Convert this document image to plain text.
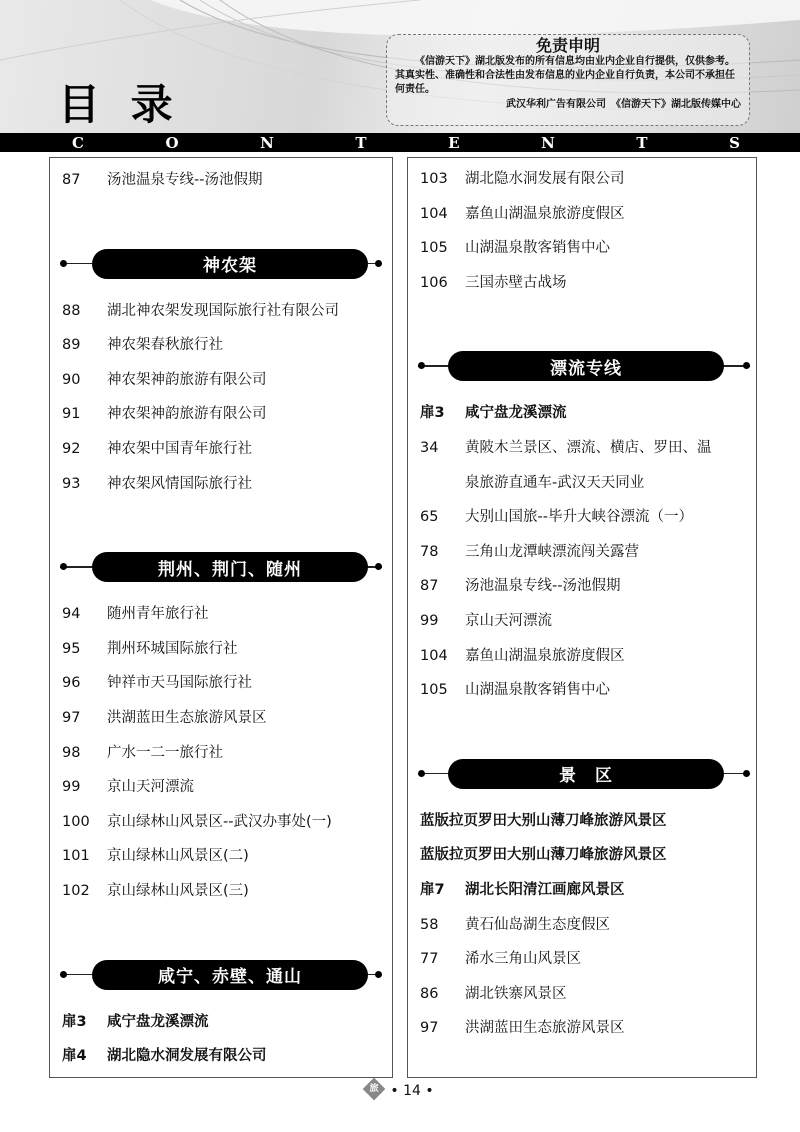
目 录
免责申明
《信游天下》湖北版发布的所有信息均由业内企业自行提供，仅供参考。其真实性、准确性和合法性由发布信息的业内企业自行负责，本公司不承担任何责任。
武汉华利广告有限公司　《信游天下》湖北版传媒中心
C	O	N	T	E	N	T	S
87 汤池温泉专线--汤池假期
神农架
88 湖北神农架发现国际旅行社有限公司
89 神农架春秋旅行社
90 神农架神韵旅游有限公司
91 神农架神韵旅游有限公司
92 神农架中国青年旅行社
93 神农架风情国际旅行社
荆州、荆门、随州
94 随州青年旅行社
95 荆州环城国际旅行社
96 钟祥市天马国际旅行社
97 洪湖蓝田生态旅游风景区
98 广水一二一旅行社
99 京山天河漂流
100 京山绿林山风景区--武汉办事处(一)
101 京山绿林山风景区(二)
102 京山绿林山风景区(三)
咸宁、赤壁、通山
扉3 咸宁盘龙溪漂流
扉4 湖北隐水洞发展有限公司
103 湖北隐水洞发展有限公司
104 嘉鱼山湖温泉旅游度假区
105 山湖温泉散客销售中心
106 三国赤壁古战场
漂流专线
扉3 咸宁盘龙溪漂流
34 黄陂木兰景区、漂流、横店、罗田、温
泉旅游直通车-武汉天天同业
65 大别山国旅--毕升大峡谷漂流（一）
78 三角山龙潭峡漂流闯关露营
87 汤池温泉专线--汤池假期
99 京山天河漂流
104 嘉鱼山湖温泉旅游度假区
105 山湖温泉散客销售中心
景　区
蓝版拉页罗田大别山薄刀峰旅游风景区
蓝版拉页罗田大别山薄刀峰旅游风景区
扉7 湖北长阳清江画廊风景区
58 黄石仙岛湖生态度假区
77 浠水三角山风景区
86 湖北铁寨风景区
97 洪湖蓝田生态旅游风景区
旅 • 14 •
